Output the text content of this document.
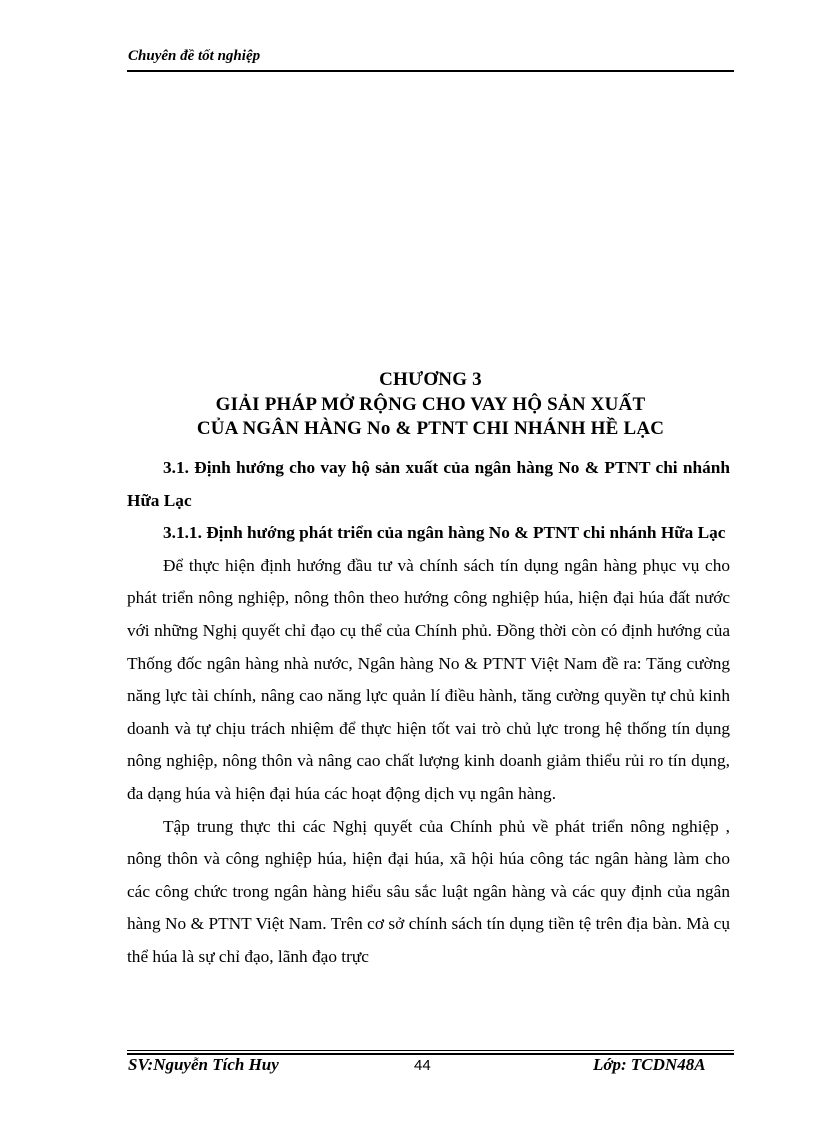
Chuyên đề tốt nghiệp
CHƯƠNG 3
GIẢI PHÁP MỞ RỘNG CHO VAY HỘ SẢN XUẤT
CỦA NGÂN HÀNG No & PTNT CHI NHÁNH HỀ LẠC

3.1. Định hướng cho vay hộ sản xuất của ngân hàng No & PTNT chi nhánh Hữa Lạc

3.1.1. Định hướng phát triển của ngân hàng No & PTNT chi nhánh Hữa Lạc

Để thực hiện định hướng đầu tư và chính sách tín dụng ngân hàng phục vụ cho phát triển nông nghiệp, nông thôn theo hướng công nghiệp húa, hiện đại húa đất nước với những Nghị quyết chỉ đạo cụ thể của Chính phủ. Đồng thời còn có định hướng của Thống đốc ngân hàng nhà nước, Ngân hàng No & PTNT Việt Nam đề ra: Tăng cường năng lực tài chính, nâng cao năng lực quản lí điều hành, tăng cường quyền tự chủ kinh doanh và tự chịu trách nhiệm để thực hiện tốt vai trò chủ lực trong hệ thống tín dụng nông nghiệp, nông thôn và nâng cao chất lượng kinh doanh giảm thiểu rủi ro tín dụng, đa dạng húa và hiện đại húa các hoạt động dịch vụ ngân hàng.

Tập trung thực thi các Nghị quyết của Chính phủ về phát triển nông nghiệp , nông thôn và công nghiệp húa, hiện đại húa, xã hội húa công tác ngân hàng làm cho các công chức trong ngân hàng hiểu sâu sắc luật ngân hàng và các quy định của ngân hàng No & PTNT Việt Nam. Trên cơ sở chính sách tín dụng tiền tệ trên địa bàn. Mà cụ thể húa là sự chỉ đạo, lãnh đạo trực

SV:Nguyễn Tích Huy	44	Lớp: TCDN48A
